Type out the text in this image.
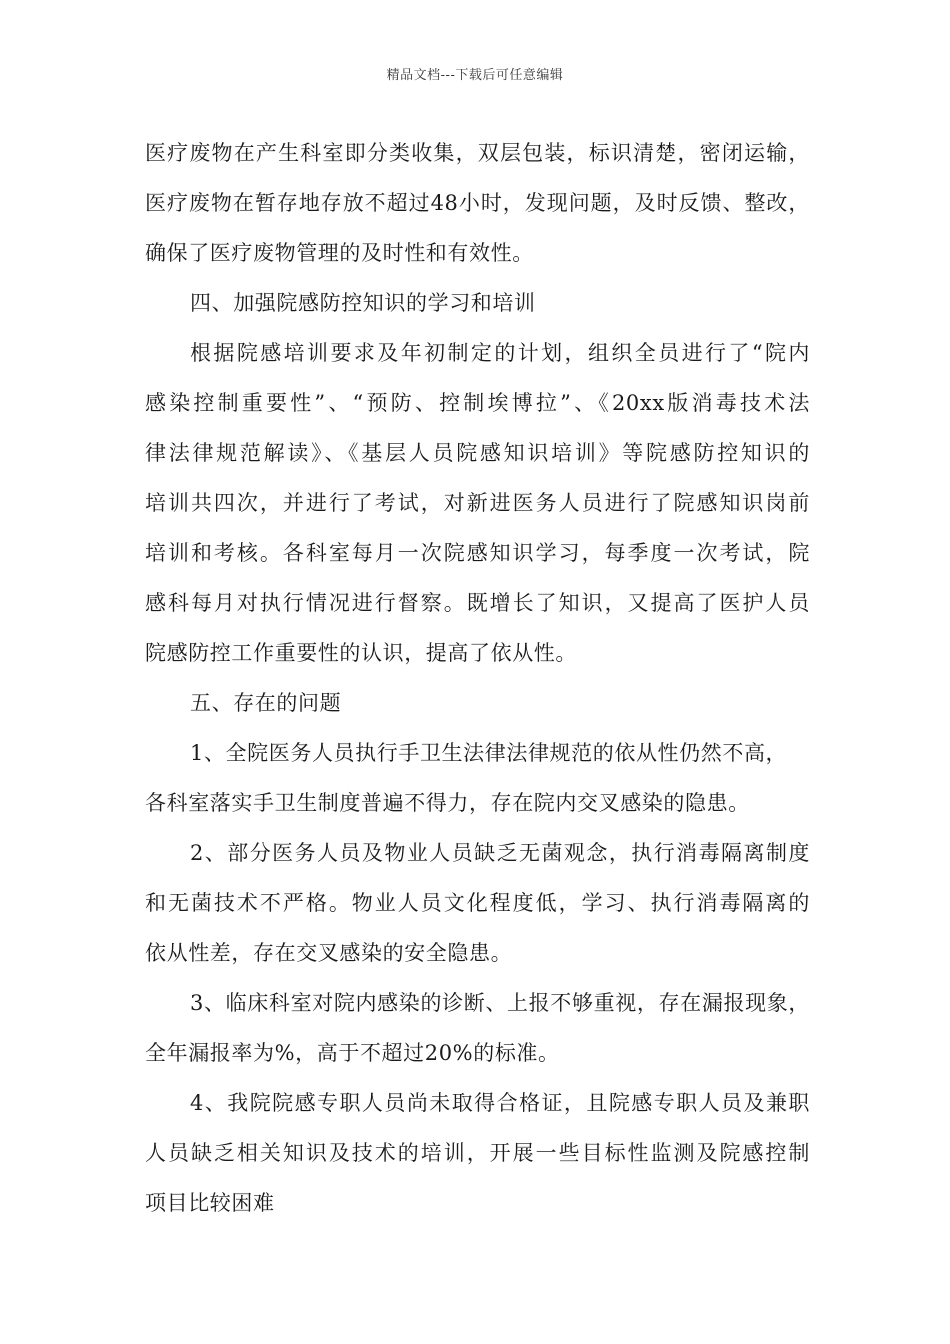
精品文档---下载后可任意编辑
医疗废物在产生科室即分类收集，双层包装，标识清楚，密闭运输，
医疗废物在暂存地存放不超过48小时，发现问题，及时反馈、整改，
确保了医疗废物管理的及时性和有效性。
四、加强院感防控知识的学习和培训
根据院感培训要求及年初制定的计划，组织全员进行了“院内
感染控制重要性”、“预防、控制埃博拉”、《20xx版消毒技术法
律法律规范解读》、《基层人员院感知识培训》等院感防控知识的
培训共四次，并进行了考试，对新进医务人员进行了院感知识岗前
培训和考核。各科室每月一次院感知识学习，每季度一次考试，院
感科每月对执行情况进行督察。既增长了知识，又提高了医护人员
院感防控工作重要性的认识，提高了依从性。
五、存在的问题
1、全院医务人员执行手卫生法律法律规范的依从性仍然不高，
各科室落实手卫生制度普遍不得力，存在院内交叉感染的隐患。
2、部分医务人员及物业人员缺乏无菌观念，执行消毒隔离制度
和无菌技术不严格。物业人员文化程度低，学习、执行消毒隔离的
依从性差，存在交叉感染的安全隐患。
3、临床科室对院内感染的诊断、上报不够重视，存在漏报现象，
全年漏报率为%，高于不超过20%的标准。
4、我院院感专职人员尚未取得合格证，且院感专职人员及兼职
人员缺乏相关知识及技术的培训，开展一些目标性监测及院感控制
项目比较困难
